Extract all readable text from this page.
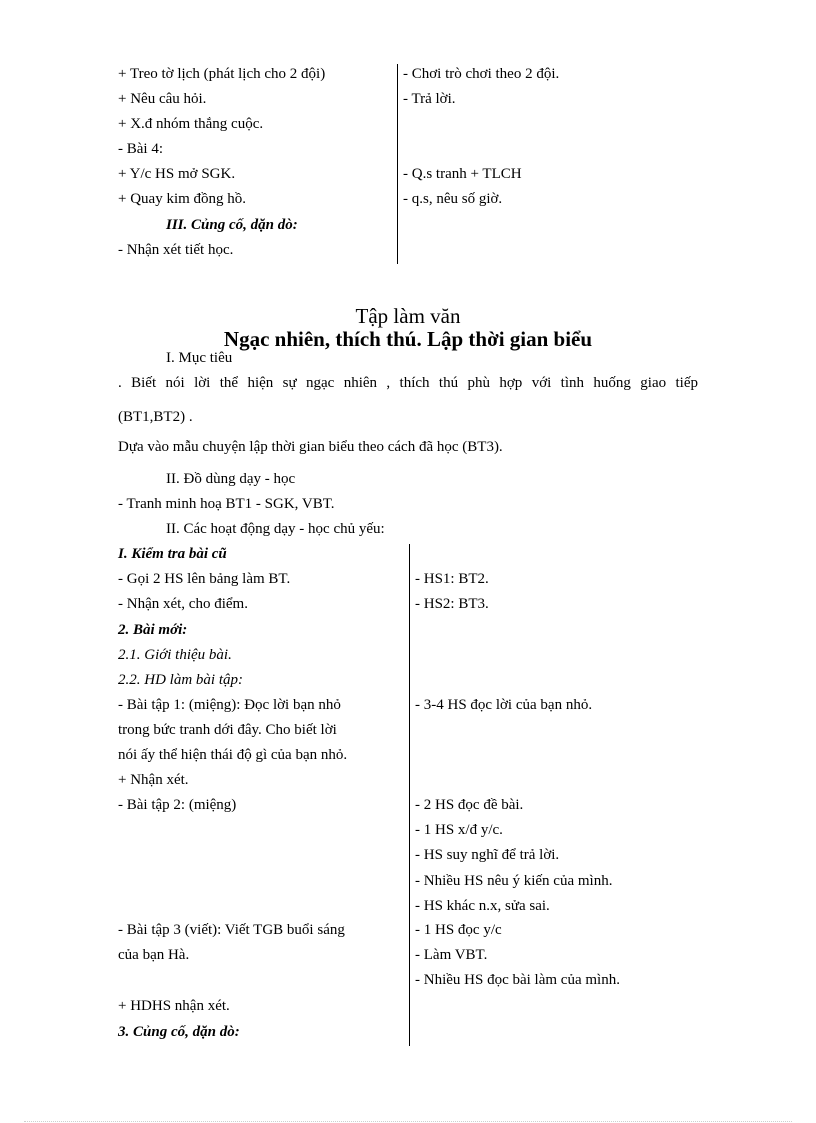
+ Treo tờ lịch (phát lịch cho 2 đội)
+ Nêu câu hỏi.
+ X.đ nhóm thắng cuộc.
- Bài 4:
+ Y/c HS mở SGK.
+ Quay kim đồng hồ.
III. Củng cố, dặn dò:
- Nhận xét tiết học.
- Chơi trò chơi theo 2 đội.
- Trả lời.
- Q.s tranh + TLCH
- q.s, nêu số giờ.
Tập làm văn
Ngạc nhiên, thích thú. Lập thời gian biểu
I. Mục tiêu
. Biết nói lời thể hiện sự ngạc nhiên , thích thú phù hợp với tình huống giao tiếp
(BT1,BT2) .
Dựa vào mẫu chuyện lập thời gian biểu theo cách đã học (BT3).
II. Đồ dùng dạy - học
- Tranh minh hoạ BT1 - SGK, VBT.
II. Các hoạt động dạy - học chủ yếu:
I. Kiểm tra bài cũ
- Gọi 2 HS lên bảng làm BT.
- Nhận xét, cho điểm.
2. Bài mới:
2.1. Giới thiệu bài.
2.2. HD làm bài tập:
- Bài tập 1: (miệng): Đọc lời bạn nhỏ
trong bức tranh dới đây. Cho biết lời
nói ấy thể hiện thái độ gì của bạn nhỏ.
+ Nhận xét.
- Bài tập 2: (miệng)
- Bài tập 3 (viết): Viết TGB buổi sáng
của bạn Hà.
+ HDHS nhận xét.
3. Củng cố, dặn dò:
- HS1: BT2.
- HS2: BT3.
- 3-4 HS đọc lời của bạn nhỏ.
- 2 HS đọc đề bài.
- 1 HS x/đ y/c.
- HS suy nghĩ để trả lời.
- Nhiều HS nêu ý kiến của mình.
- HS khác n.x, sửa sai.
- 1 HS đọc y/c
- Làm VBT.
- Nhiều HS đọc bài làm của mình.
